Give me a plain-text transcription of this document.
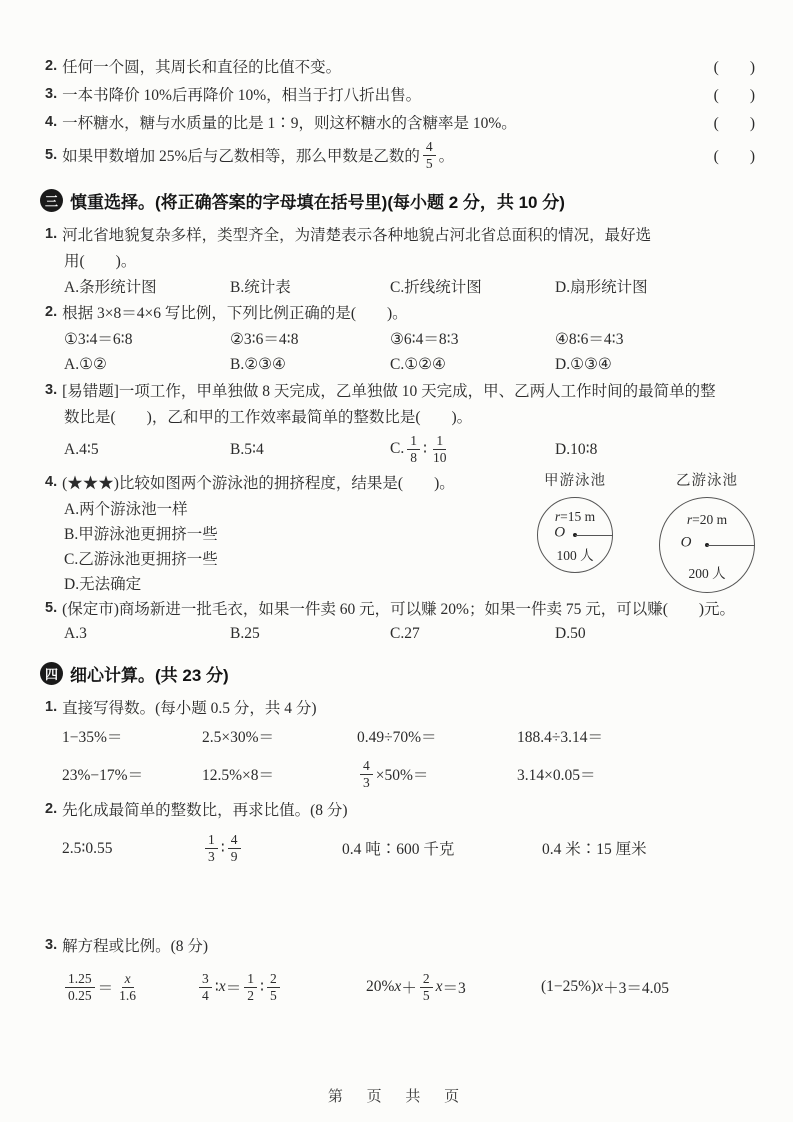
2. 任何一个圆，其周长和直径的比值不变。	(　　)
3. 一本书降价 10%后再降价 10%，相当于打八折出售。	(　　)
4. 一杯糖水，糖与水质量的比是 1∶9，则这杯糖水的含糖率是 10%。	(　　)
5. 如果甲数增加 25%后与乙数相等，那么甲数是乙数的 $\frac{4}{5}$ 。	(　　)
三 慎重选择。(将正确答案的字母填在括号里)(每小题 2 分，共 10 分)
1. 河北省地貌复杂多样，类型齐全，为清楚表示各种地貌占河北省总面积的情况，最好选
用(　　)。
A.条形统计图	B.统计表	C.折线统计图	D.扇形统计图
2. 根据 3×8＝4×6 写比例，下列比例正确的是(　　)。
①3∶4＝6∶8	②3∶6＝4∶8	③6∶4＝8∶3	④8∶6＝4∶3
A.①②	B.②③④	C.①②④	D.①③④
3. [易错题]一项工作，甲单独做 8 天完成，乙单独做 10 天完成，甲、乙两人工作时间的最简单的整
数比是(　　)，乙和甲的工作效率最简单的整数比是(　　)。
A.4∶5	B.5∶4	C. $\frac{1}{8}$ ∶ $\frac{1}{10}$	D.10∶8
4. (★★★)比较如图两个游泳池的拥挤程度，结果是(　　)。
A.两个游泳池一样
B.甲游泳池更拥挤一些
C.乙游泳池更拥挤一些
D.无法确定
甲游泳池
r=15 m
O
100 人
乙游泳池
r=20 m
O
200 人
5. (保定市)商场新进一批毛衣，如果一件卖 60 元，可以赚 20%；如果一件卖 75 元，可以赚(　　)元。
A.3	B.25	C.27	D.50
四 细心计算。(共 23 分)
1. 直接写得数。(每小题 0.5 分，共 4 分)
1−35%＝	2.5×30%＝	0.49÷70%＝	188.4÷3.14＝
23%−17%＝	12.5%×8＝	$\frac{4}{3} \times 50\%=$	3.14×0.05＝
2. 先化成最简单的整数比，再求比值。(8 分)
2.5∶0.55	$\frac{1}{3}$ ∶ $\frac{4}{9}$	0.4 吨∶600 千克	0.4 米∶15 厘米
3. 解方程或比例。(8 分)
$\frac{1.25}{0.25} = \frac{x}{1.6}$	$\frac{3}{4}$ ∶ $x = \frac{1}{2}$ ∶ $\frac{2}{5}$	20% $x + \frac{2}{5}$ x ＝3	(1−25%) x ＋3＝4.05
第 页 共 页
